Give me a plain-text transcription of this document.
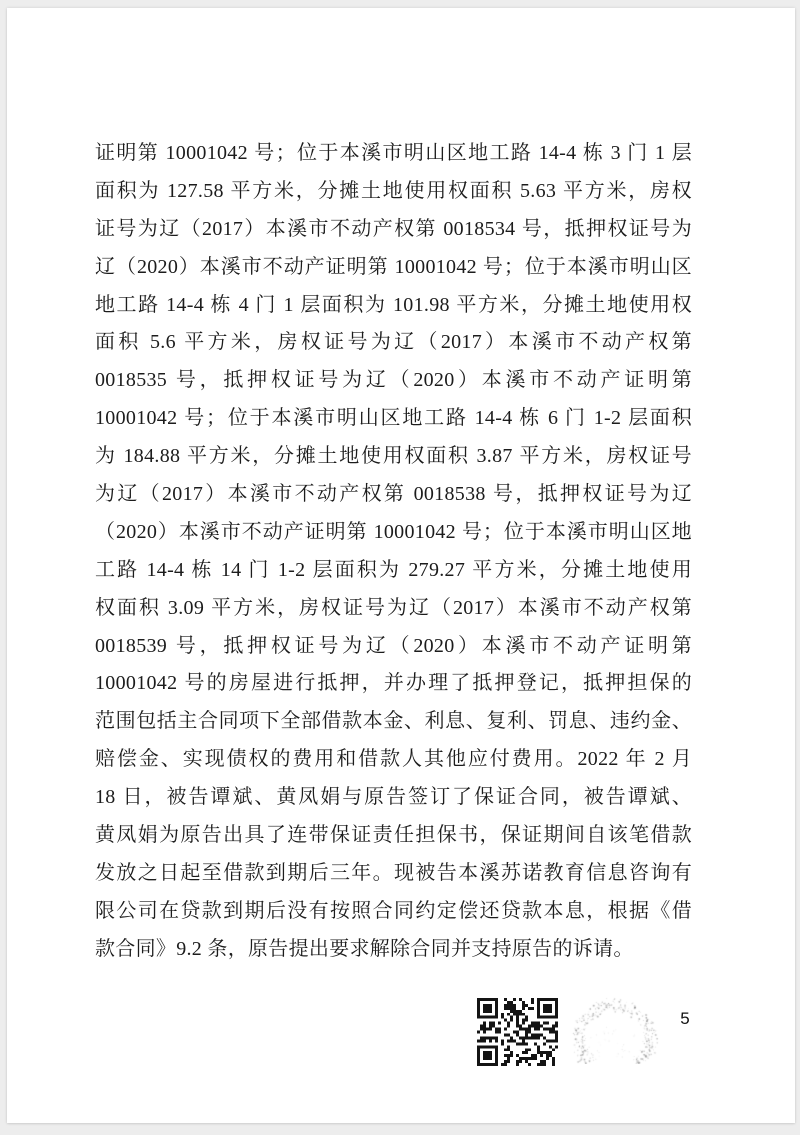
证明第 10001042 号；位于本溪市明山区地工路 14-4 栋 3 门 1 层
面积为 127.58 平方米，分摊土地使用权面积 5.63 平方米，房权
证号为辽（2017）本溪市不动产权第 0018534 号，抵押权证号为
辽（2020）本溪市不动产证明第 10001042 号；位于本溪市明山区
地工路 14-4 栋 4 门 1 层面积为 101.98 平方米，分摊土地使用权
面积 5.6 平方米，房权证号为辽（2017）本溪市不动产权第
0018535 号，抵押权证号为辽（2020）本溪市不动产证明第
10001042 号；位于本溪市明山区地工路 14-4 栋 6 门 1-2 层面积
为 184.88 平方米，分摊土地使用权面积 3.87 平方米，房权证号
为辽（2017）本溪市不动产权第 0018538 号，抵押权证号为辽
（2020）本溪市不动产证明第 10001042 号；位于本溪市明山区地
工路 14-4 栋 14 门 1-2 层面积为 279.27 平方米，分摊土地使用
权面积 3.09 平方米，房权证号为辽（2017）本溪市不动产权第
0018539 号，抵押权证号为辽（2020）本溪市不动产证明第
10001042 号的房屋进行抵押，并办理了抵押登记，抵押担保的
范围包括主合同项下全部借款本金、利息、复利、罚息、违约金、
赔偿金、实现债权的费用和借款人其他应付费用。2022 年 2 月
18 日，被告谭斌、黄凤娟与原告签订了保证合同，被告谭斌、
黄凤娟为原告出具了连带保证责任担保书，保证期间自该笔借款
发放之日起至借款到期后三年。现被告本溪苏诺教育信息咨询有
限公司在贷款到期后没有按照合同约定偿还贷款本息，根据《借
款合同》9.2 条，原告提出要求解除合同并支持原告的诉请。
5
